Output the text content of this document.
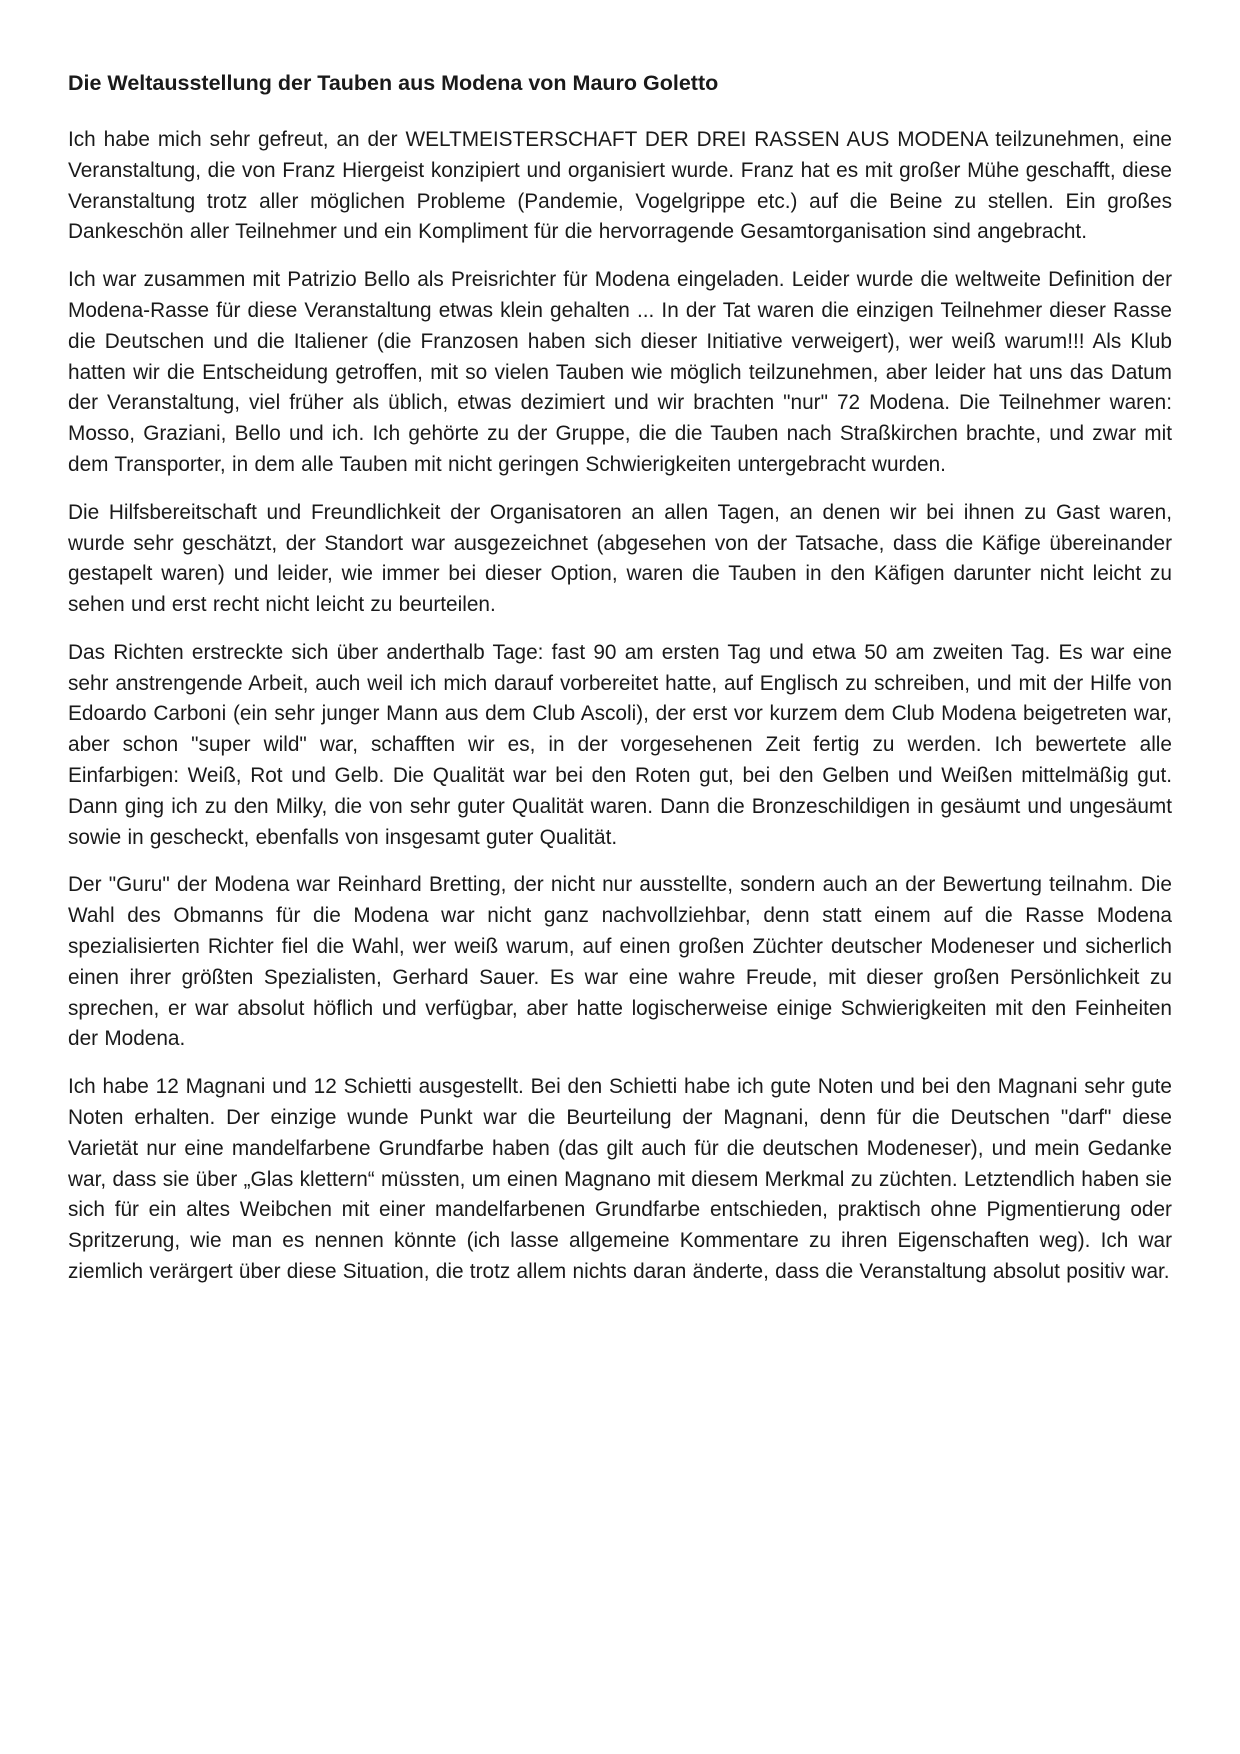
Die Weltausstellung der Tauben aus Modena von Mauro Goletto

Ich habe mich sehr gefreut, an der WELTMEISTERSCHAFT DER DREI RASSEN AUS MODENA teilzunehmen, eine Veranstaltung, die von Franz Hiergeist konzipiert und organisiert wurde. Franz hat es mit großer Mühe geschafft, diese Veranstaltung trotz aller möglichen Probleme (Pandemie, Vogelgrippe etc.) auf die Beine zu stellen. Ein großes Dankeschön aller Teilnehmer und ein Kompliment für die hervorragende Gesamtorganisation sind angebracht.

Ich war zusammen mit Patrizio Bello als Preisrichter für Modena eingeladen. Leider wurde die weltweite Definition der Modena-Rasse für diese Veranstaltung etwas klein gehalten ... In der Tat waren die einzigen Teilnehmer dieser Rasse die Deutschen und die Italiener (die Franzosen haben sich dieser Initiative verweigert), wer weiß warum!!! Als Klub hatten wir die Entscheidung getroffen, mit so vielen Tauben wie möglich teilzunehmen, aber leider hat uns das Datum der Veranstaltung, viel früher als üblich, etwas dezimiert und wir brachten "nur" 72 Modena. Die Teilnehmer waren: Mosso, Graziani, Bello und ich. Ich gehörte zu der Gruppe, die die Tauben nach Straßkirchen brachte, und zwar mit dem Transporter, in dem alle Tauben mit nicht geringen Schwierigkeiten untergebracht wurden.

Die Hilfsbereitschaft und Freundlichkeit der Organisatoren an allen Tagen, an denen wir bei ihnen zu Gast waren, wurde sehr geschätzt, der Standort war ausgezeichnet (abgesehen von der Tatsache, dass die Käfige übereinander gestapelt waren) und leider, wie immer bei dieser Option, waren die Tauben in den Käfigen darunter nicht leicht zu sehen und erst recht nicht leicht zu beurteilen.

Das Richten erstreckte sich über anderthalb Tage: fast 90 am ersten Tag und etwa 50 am zweiten Tag. Es war eine sehr anstrengende Arbeit, auch weil ich mich darauf vorbereitet hatte, auf Englisch zu schreiben, und mit der Hilfe von Edoardo Carboni (ein sehr junger Mann aus dem Club Ascoli), der erst vor kurzem dem Club Modena beigetreten war, aber schon "super wild" war, schafften wir es, in der vorgesehenen Zeit fertig zu werden. Ich bewertete alle Einfarbigen: Weiß, Rot und Gelb. Die Qualität war bei den Roten gut, bei den Gelben und Weißen mittelmäßig gut. Dann ging ich zu den Milky, die von sehr guter Qualität waren. Dann die Bronzeschildigen in gesäumt und ungesäumt sowie in gescheckt, ebenfalls von insgesamt guter Qualität.

Der "Guru" der Modena war Reinhard Bretting, der nicht nur ausstellte, sondern auch an der Bewertung teilnahm. Die Wahl des Obmanns für die Modena war nicht ganz nachvollziehbar, denn statt einem auf die Rasse Modena spezialisierten Richter fiel die Wahl, wer weiß warum, auf einen großen Züchter deutscher Modeneser und sicherlich einen ihrer größten Spezialisten, Gerhard Sauer. Es war eine wahre Freude, mit dieser großen Persönlichkeit zu sprechen, er war absolut höflich und verfügbar, aber hatte logischerweise einige Schwierigkeiten mit den Feinheiten der Modena.

Ich habe 12 Magnani und 12 Schietti ausgestellt. Bei den Schietti habe ich gute Noten und bei den Magnani sehr gute Noten erhalten. Der einzige wunde Punkt war die Beurteilung der Magnani, denn für die Deutschen "darf" diese Varietät nur eine mandelfarbene Grundfarbe haben (das gilt auch für die deutschen Modeneser), und mein Gedanke war, dass sie über „Glas klettern“ müssten, um einen Magnano mit diesem Merkmal zu züchten. Letztendlich haben sie sich für ein altes Weibchen mit einer mandelfarbenen Grundfarbe entschieden, praktisch ohne Pigmentierung oder Spritzerung, wie man es nennen könnte (ich lasse allgemeine Kommentare zu ihren Eigenschaften weg). Ich war ziemlich verärgert über diese Situation, die trotz allem nichts daran änderte, dass die Veranstaltung absolut positiv war.
